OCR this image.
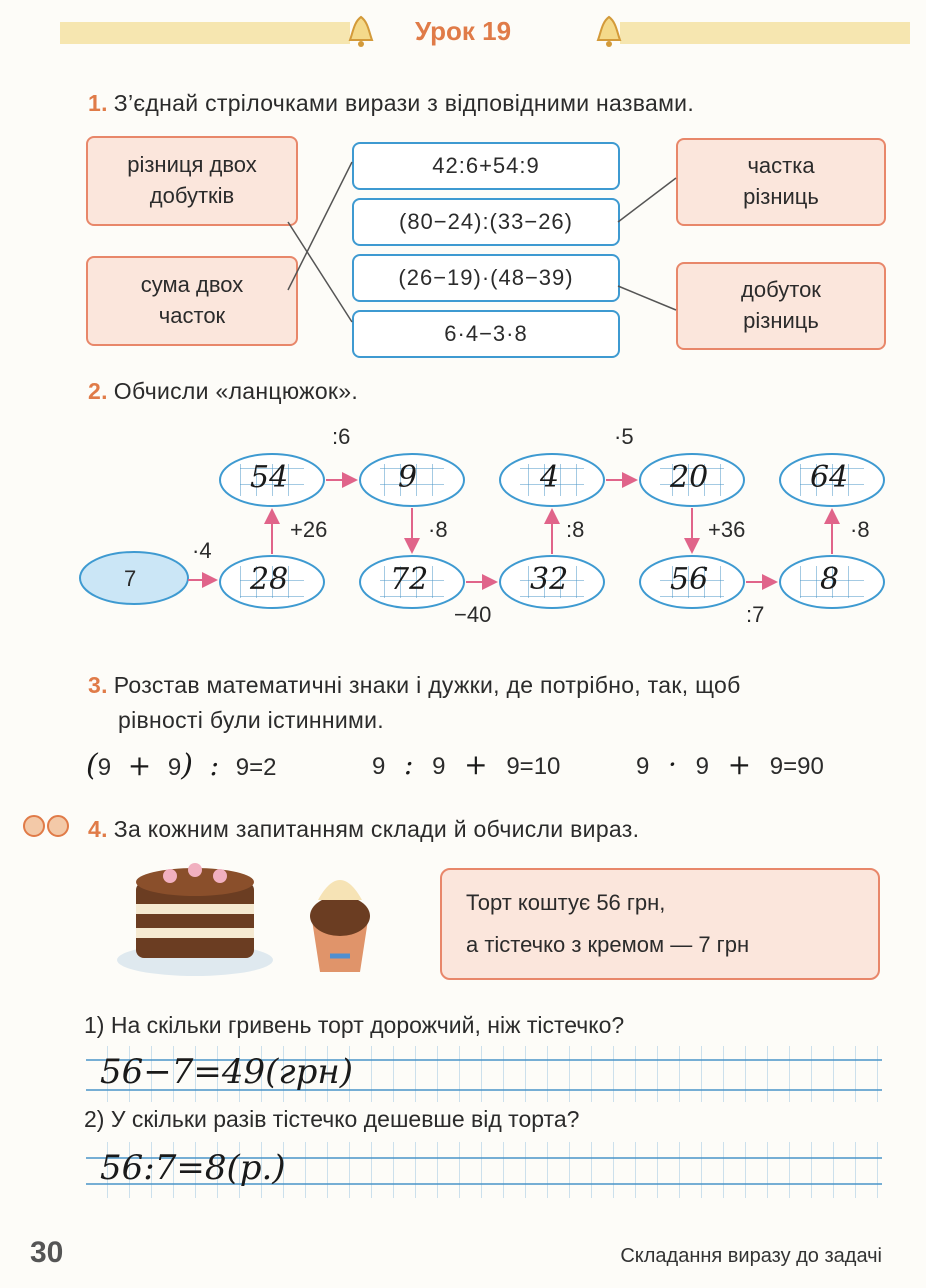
Урок 19
1. З’єднай стрілочками вирази з відповідними назвами.
різниця двох добутків
сума двох часток
42:6+54:9
(80−24):(33−26)
(26−19)·(48−39)
6·4−3·8
частка різниць
добуток різниць
2. Обчисли «ланцюжок».
7	28
54	9
72	32
4	20
56	8
64
·4
+26
:6
·8
−40
:8
·5
+36
:7
·8
3. Розстав математичні знаки і дужки, де потрібно, так, щоб
рівності були істинними.
(9 + 9) : 9=2	9 : 9 + 9=10	9 · 9 + 9=90
4. За кожним запитанням склади й обчисли вираз.
Торт коштує 56 грн,
а тістечко з кремом — 7 грн
1) На скільки гривень торт дорожчий, ніж тістечко?
56−7=49(грн)
2) У скільки разів тістечко дешевше від торта?
56:7=8(р.)
30	Складання виразу до задачі
